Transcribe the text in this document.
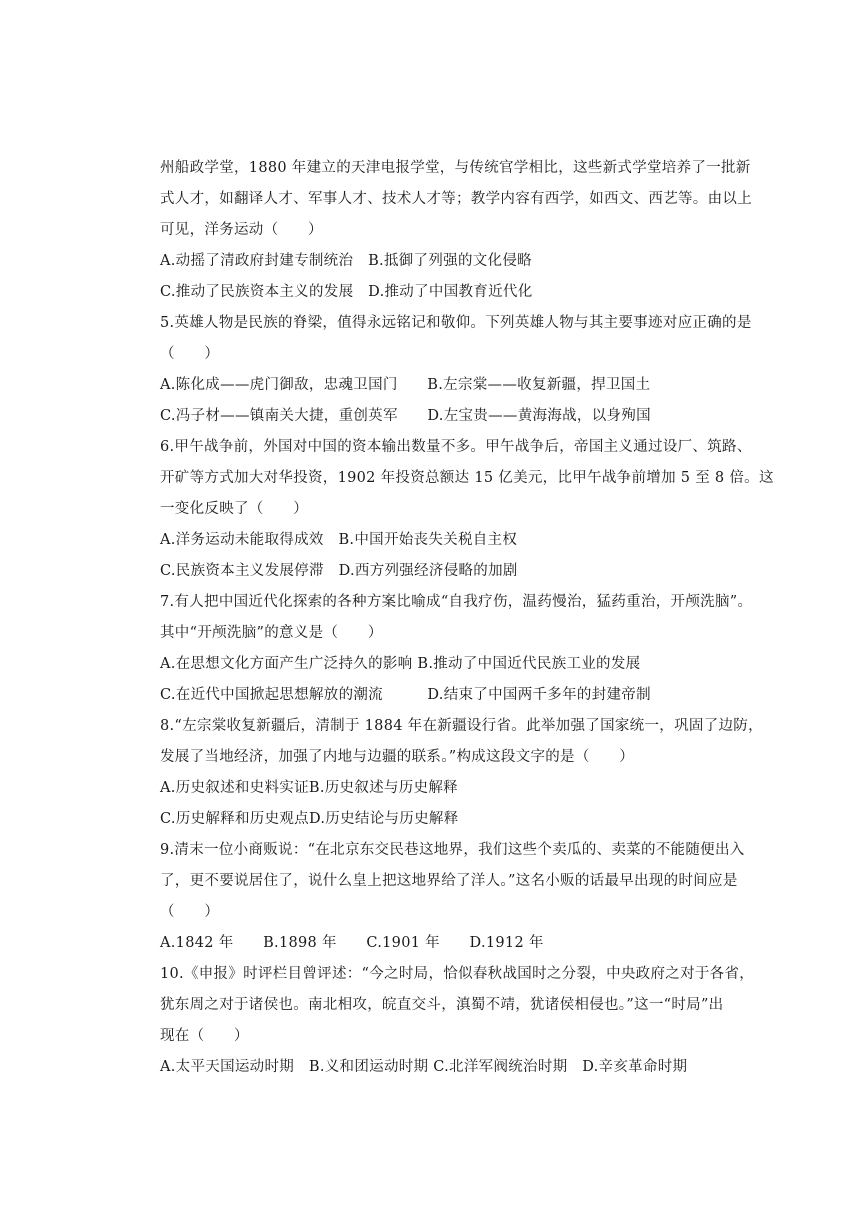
州船政学堂，1880 年建立的天津电报学堂，与传统官学相比，这些新式学堂培养了一批新
式人才，如翻译人才、军事人才、技术人才等；教学内容有西学，如西文、西艺等。由以上
可见，洋务运动（　　）
A.动摇了清政府封建专制统治　B.抵御了列强的文化侵略
C.推动了民族资本主义的发展　D.推动了中国教育近代化
5.英雄人物是民族的脊梁，值得永远铭记和敬仰。下列英雄人物与其主要事迹对应正确的是
（　　）
A.陈化成——虎门御敌，忠魂卫国门　　B.左宗棠——收复新疆，捍卫国土
C.冯子材——镇南关大捷，重创英军　　D.左宝贵——黄海海战，以身殉国
6.甲午战争前，外国对中国的资本输出数量不多。甲午战争后，帝国主义通过设厂、筑路、
开矿等方式加大对华投资，1902 年投资总额达 15 亿美元，比甲午战争前增加 5 至 8 倍。这
一变化反映了（　　）
A.洋务运动未能取得成效　B.中国开始丧失关税自主权
C.民族资本主义发展停滞　D.西方列强经济侵略的加剧
7.有人把中国近代化探索的各种方案比喻成“自我疗伤，温药慢治，猛药重治，开颅洗脑”。
其中“开颅洗脑”的意义是（　　）
A.在思想文化方面产生广泛持久的影响 B.推动了中国近代民族工业的发展
C.在近代中国掀起思想解放的潮流　　　D.结束了中国两千多年的封建帝制
8.“左宗棠收复新疆后，清制于 1884 年在新疆设行省。此举加强了国家统一，巩固了边防，
发展了当地经济，加强了内地与边疆的联系。”构成这段文字的是（　　）
A.历史叙述和史料实证B.历史叙述与历史解释
C.历史解释和历史观点D.历史结论与历史解释
9.清末一位小商贩说：“在北京东交民巷这地界，我们这些个卖瓜的、卖菜的不能随便出入
了，更不要说居住了，说什么皇上把这地界给了洋人。”这名小贩的话最早出现的时间应是
（　　）
A.1842 年　　B.1898 年　　C.1901 年　　D.1912 年
10.《申报》时评栏目曾评述：“今之时局，恰似春秋战国时之分裂，中央政府之对于各省，
犹东周之对于诸侯也。南北相攻，皖直交斗，滇蜀不靖，犹诸侯相侵也。”这一“时局”出
现在（　　）
A.太平天国运动时期　B.义和团运动时期 C.北洋军阀统治时期　D.辛亥革命时期
